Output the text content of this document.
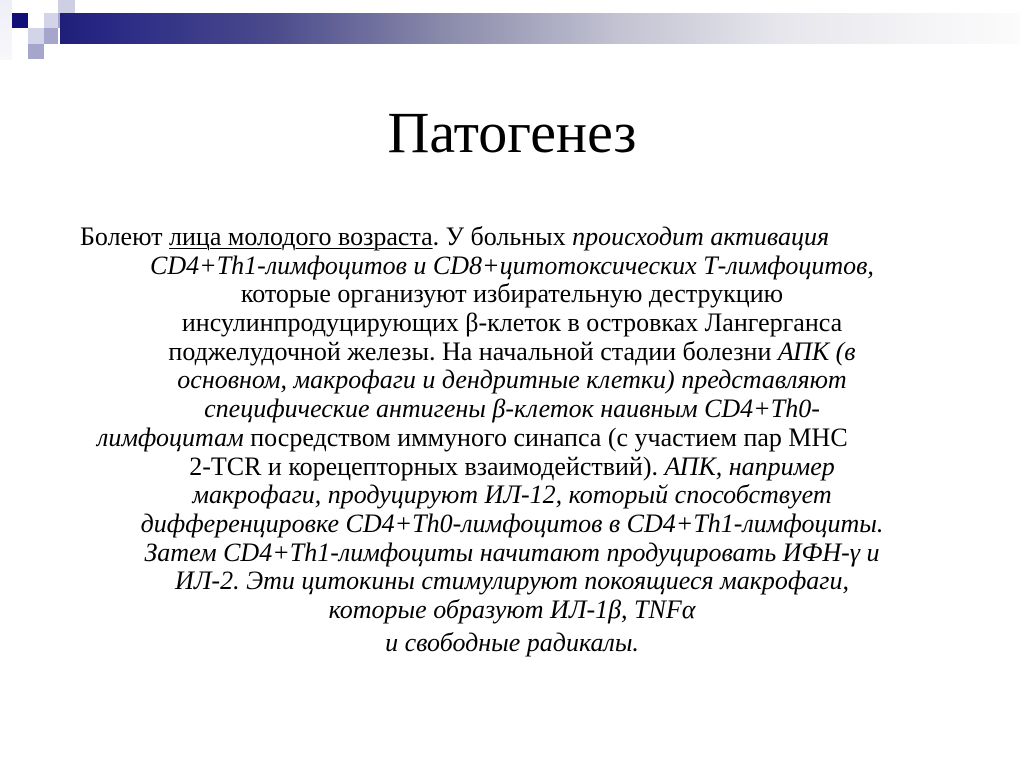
Патогенез
Болеют лица молодого возраста. У больных происходит активация
CD4+Th1-лимфоцитов и CD8+цитотоксических Т-лимфоцитов,
которые организуют избирательную деструкцию
инсулинпродуцирующих β-клеток в островках Лангерганса
поджелудочной железы. На начальной стадии болезни АПК (в
основном, макрофаги и дендритные клетки) представляют
специфические антигены β-клеток наивным CD4+Th0-
лимфоцитам посредством иммуного синапса (с участием пар МНС
2-TCR и корецепторных взаимодействий). АПК, например
макрофаги, продуцируют ИЛ-12, который способствует
дифференцировке CD4+Th0-лимфоцитов в CD4+Th1-лимфоциты.
Затем CD4+Th1-лимфоциты начитают продуцировать ИФН-γ и
ИЛ-2. Эти цитокины стимулируют покоящиеся макрофаги,
которые образуют ИЛ-1β, TNFα
и свободные радикалы.
